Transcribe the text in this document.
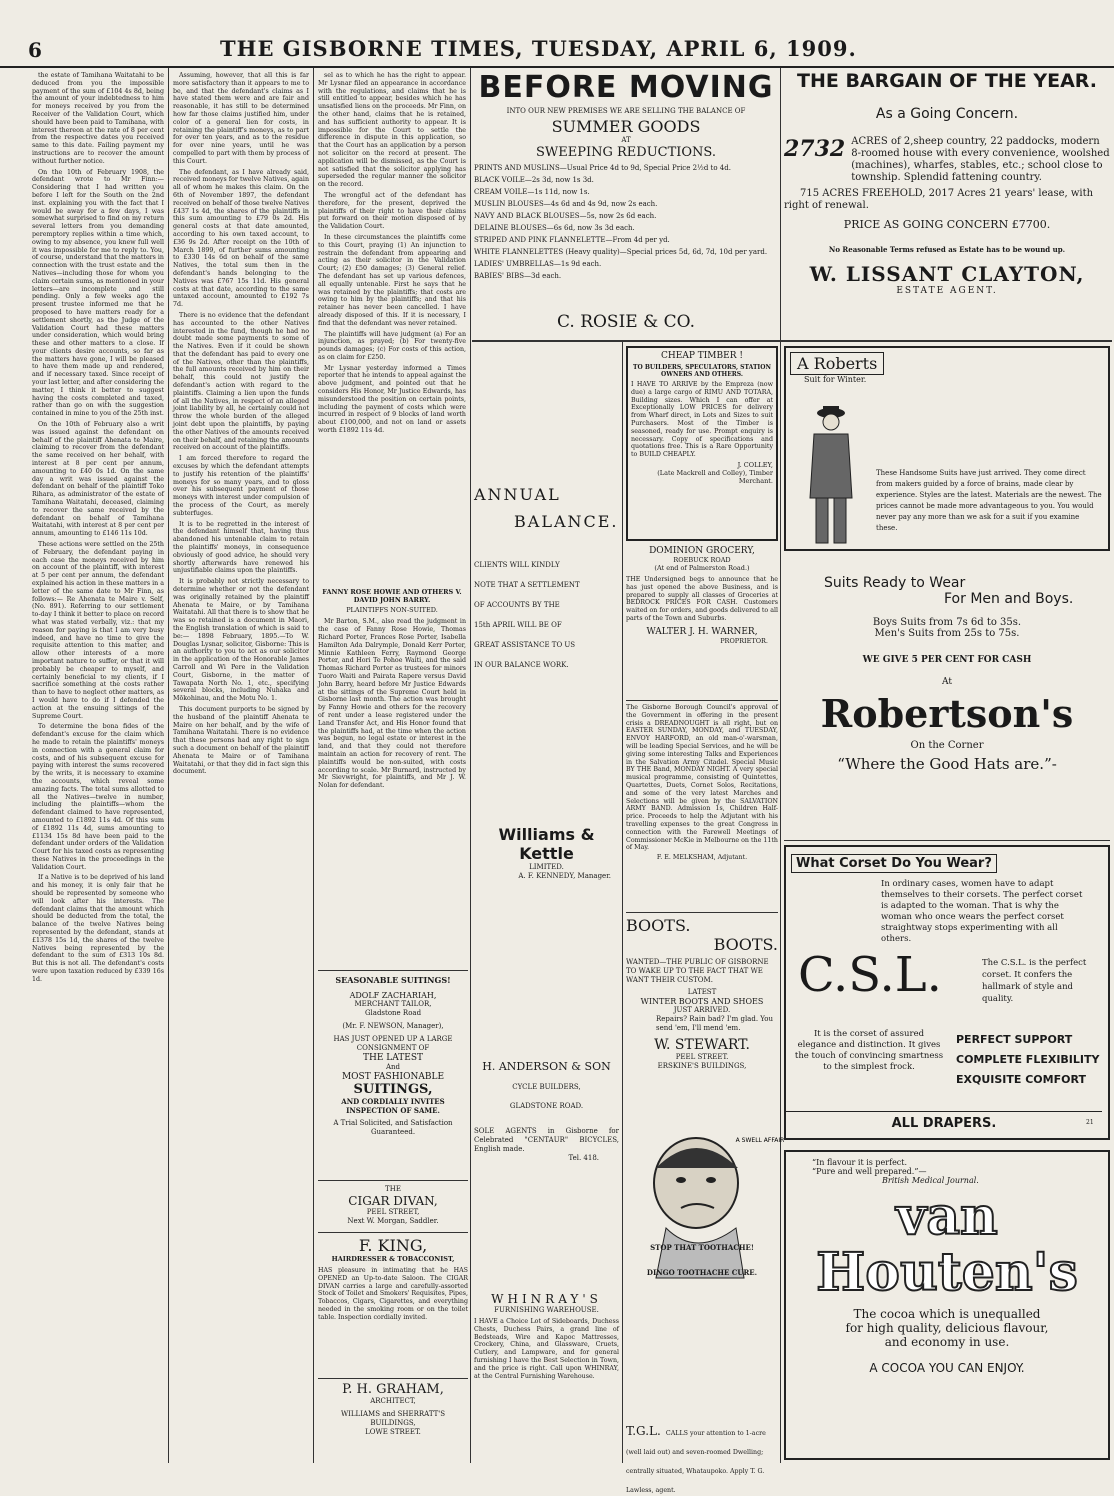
6	THE GISBORNE TIMES, TUESDAY, APRIL 6, 1909.

the estate of Tamihana Waitatahi to be deduced from you the impossible payment of the sum of £104 4s 8d, being the amount of your indebtedness to him for moneys received by you from the Receiver of the Validation Court, which should have been paid to Tamihana, with interest thereon at the rate of 8 per cent from the respective dates you received same to this date. Failing payment my instructions are to recover the amount without further notice.

On the 10th of February 1908, the defendant wrote to Mr Finn:— Considering that I had written you before I left for the South on the 2nd inst. explaining you with the fact that I would be away for a few days, I was somewhat surprised to find on my return several letters from you demanding peremptory replies within a time which, owing to my absence, you knew full well it was impossible for me to reply to. You, of course, understand that the matters in connection with the trust estate and the Natives—including those for whom you claim certain sums, as mentioned in your letters—are incomplete and still pending. Only a few weeks ago the present trustee informed me that he proposed to have matters ready for a settlement shortly, as the Judge of the Validation Court had these matters under consideration, which would bring these and other matters to a close. If your clients desire accounts, so far as the matters have gone, I will be pleased to have them made up and rendered, and if necessary taxed. Since receipt of your last letter, and after considering the matter, I think it better to suggest having the costs completed and taxed, rather than go on with the suggestion contained in mine to you of the 25th inst.

On the 10th of February also a writ was issued against the defendant on behalf of the plaintiff Ahenata te Maire, claiming to recover from the defendant the same received on her behalf, with interest at 8 per cent per annum, amounting to £40 0s 1d. On the same day a writ was issued against the defendant on behalf of the plaintiff Toko Rihara, as administrator of the estate of Tamihana Waitatahi, deceased, claiming to recover the same received by the defendant on behalf of Tamihana Waitatahi, with interest at 8 per cent per annum, amounting to £146 11s 10d.

These actions were settled on the 25th of February, the defendant paying in each case the moneys received by him on account of the plaintiff, with interest at 5 per cent per annum, the defendant explained his action in these matters in a letter of the same date to Mr Finn, as follows:— Re Ahenata te Maire v. Self, (No. 891). Referring to our settlement to-day I think it better to place on record what was stated verbally, viz.: that my reason for paying is that I am very busy indeed, and have no time to give the requisite attention to this matter, and allow other interests of a more important nature to suffer, or that it will probably be cheaper to myself, and certainly beneficial to my clients, if I sacrifice something at the costs rather than to have to neglect other matters, as I would have to do if I defended the action at the ensuing sittings of the Supreme Court.

To determine the bona fides of the defendant's excuse for the claim which he made to retain the plaintiffs' moneys in connection with a general claim for costs, and of his subsequent excuse for paying with interest the sums recovered by the writs, it is necessary to examine the accounts, which reveal some amazing facts. The total sums allotted to all the Natives—twelve in number, including the plaintiffs—whom the defendant claimed to have represented, amounted to £1892 11s 4d. Of this sum of £1892 11s 4d, sums amounting to £1134 15s 8d have been paid to the defendant under orders of the Validation Court for his taxed costs as representing these Natives in the proceedings in the Validation Court.

If a Native is to be deprived of his land and his money, it is only fair that he should be represented by someone who will look after his interests. The defendant claims that the amount which should be deducted from the total, the balance of the twelve Natives being represented by the defendant, stands at £1378 15s 1d, the shares of the twelve Natives being represented by the defendant to the sum of £313 10s 8d. But this is not all. The defendant's costs were upon taxation reduced by £339 16s 1d.

Assuming, however, that all this is far more satisfactory than it appears to me to be, and that the defendant's claims as I have stated them were and are fair and reasonable, it has still to be determined how far those claims justified him, under color of a general lien for costs, in retaining the plaintiff's moneys, as to part for over ten years, and as to the residue for over nine years, until he was compelled to part with them by process of this Court.

The defendant, as I have already said, received moneys for twelve Natives, again all of whom he makes this claim. On the 6th of November 1897, the defendant received on behalf of those twelve Natives £437 1s 4d, the shares of the plaintiffs in this sum amounting to £79 0s 2d. His general costs at that date amounted, according to his own taxed account, to £36 9s 2d. After receipt on the 10th of March 1899, of further sums amounting to £330 14s 6d on behalf of the same Natives, the total sum then in the defendant's hands belonging to the Natives was £767 15s 11d. His general costs at that date, according to the same untaxed account, amounted to £192 7s 7d.

There is no evidence that the defendant has accounted to the other Natives interested in the fund, though he had no doubt made some payments to some of the Natives. Even if it could be shown that the defendant has paid to every one of the Natives, other than the plaintiffs, the full amounts received by him on their behalf, this could not justify the defendant's action with regard to the plaintiffs. Claiming a lien upon the funds of all the Natives, in respect of an alleged joint liability by all, he certainly could not throw the whole burden of the alleged joint debt upon the plaintiffs, by paying the other Natives of the amounts received on their behalf, and retaining the amounts received on account of the plaintiffs.

I am forced therefore to regard the excuses by which the defendant attempts to justify his retention of the plaintiffs' moneys for so many years, and to gloss over his subsequent payment of those moneys with interest under compulsion of the process of the Court, as merely subterfuges.

It is to be regretted in the interest of the defendant himself that, having thus abandoned his untenable claim to retain the plaintiffs' moneys, in consequence obviously of good advice, he should very shortly afterwards have renewed his unjustifiable claims upon the plaintiffs.

It is probably not strictly necessary to determine whether or not the defendant was originally retained by the plaintiff Ahenata te Maire, or by Tamihana Waitatahi. All that there is to show that he was so retained is a document in Maori, the English translation of which is said to be:— 1898 February, 1895.—To W. Douglas Lysnar, solicitor, Gisborne: This is an authority to you to act as our solicitor in the application of the Honorable James Carroll and Wi Pere in the Validation Court, Gisborne, in the matter of Tawapata North No. 1, etc., specifying several blocks, including Nuhaka and Mōkohinau, and the Motu No. 1.

This document purports to be signed by the husband of the plaintiff Ahenata te Maire on her behalf, and by the wife of Tamihana Waitatahi. There is no evidence that these persons had any right to sign such a document on behalf of the plaintiff Ahenata te Maire or of Tamihana Waitatahi, or that they did in fact sign this document.

sel as to which he has the right to appear. Mr Lysnar filed an appearance in accordance with the regulations, and claims that he is still entitled to appear, besides which he has unsatisfied liens on the proceeds. Mr Finn, on the other hand, claims that he is retained, and has sufficient authority to appear. It is impossible for the Court to settle the difference in dispute in this application, so that the Court has an application by a person not solicitor on the record at present. The application will be dismissed, as the Court is not satisfied that the solicitor applying has superseded the regular manner the solicitor on the record.

The wrongful act of the defendant has therefore, for the present, deprived the plaintiffs of their right to have their claims put forward on their motion disposed of by the Validation Court.

In these circumstances the plaintiffs come to this Court, praying (1) An injunction to restrain the defendant from appearing and acting as their solicitor in the Validation Court; (2) £50 damages; (3) General relief. The defendant has set up various defences, all equally untenable. First he says that he was retained by the plaintiffs; that costs are owing to him by the plaintiffs; and that his retainer has never been cancelled. I have already disposed of this. If it is necessary, I find that the defendant was never retained.

The plaintiffs will have judgment (a) For an injunction, as prayed; (b) For twenty-five pounds damages; (c) For costs of this action, as on claim for £250.

Mr Lysnar yesterday informed a Times reporter that he intends to appeal against the above judgment, and pointed out that he considers His Honor, Mr Justice Edwards, has misunderstood the position on certain points, including the payment of costs which were incurred in respect of 9 blocks of land worth about £100,000, and not on land or assets worth £1892 11s 4d.

FANNY ROSE HOWIE AND OTHERS V. DAVID JOHN BARRY.
PLAINTIFFS NON-SUITED.

Mr Barton, S.M., also read the judgment in the case of Fanny Rose Howie, Thomas Richard Porter, Frances Rose Porter, Isabella Hamilton Ada Dalrymple, Donald Kerr Porter, Minnie Kathleen Ferry, Raymond George Porter, and Hori Te Pohoe Waiti, and the said Thomas Richard Porter as trustees for minors Tuoro Waiti and Pairata Rapere versus David John Barry, heard before Mr Justice Edwards at the sittings of the Supreme Court held in Gisborne last month. The action was brought by Fanny Howie and others for the recovery of rent under a lease registered under the Land Transfer Act, and His Honor found that the plaintiffs had, at the time when the action was begun, no legal estate or interest in the land, and that they could not therefore maintain an action for recovery of rent. The plaintiffs would be non-suited, with costs according to scale. Mr Burnard, instructed by Mr Sievwright, for plaintiffs, and Mr J. W. Nolan for defendant.

SEASONABLE SUITINGS!
ADOLF ZACHARIAH,
MERCHANT TAILOR,
Gladstone Road
(Mr. F. NEWSON, Manager),
HAS JUST OPENED UP A LARGE CONSIGNMENT OF
THE LATEST
And
MOST FASHIONABLE
SUITINGS,
AND CORDIALLY INVITES INSPECTION OF SAME.
A Trial Solicited, and Satisfaction Guaranteed.
THE
CIGAR DIVAN,
PEEL STREET,
Next W. Morgan, Saddler.
F. KING,
HAIRDRESSER & TOBACCONIST,
HAS pleasure in intimating that he HAS OPENED an Up-to-date Saloon. The CIGAR DIVAN carries a large and carefully-assorted Stock of Toilet and Smokers' Requisites, Pipes, Tobaccos, Cigars, Cigarettes, and everything needed in the smoking room or on the toilet table. Inspection cordially invited.
P. H. GRAHAM,
ARCHITECT,
WILLIAMS and SHERRATT'S BUILDINGS,
LOWE STREET.
BEFORE MOVING
INTO OUR NEW PREMISES WE ARE SELLING THE BALANCE OF
SUMMER GOODS
AT
SWEEPING REDUCTIONS.
PRINTS AND MUSLINS—Usual Price 4d to 9d, Special Price 2½d to 4d.
BLACK VOILE—2s 3d, now 1s 3d.
CREAM VOILE—1s 11d, now 1s.
MUSLIN BLOUSES—4s 6d and 4s 9d, now 2s each.
NAVY AND BLACK BLOUSES—5s, now 2s 6d each.
DELAINE BLOUSES—6s 6d, now 3s 3d each.
STRIPED AND PINK FLANNELETTE—From 4d per yd.
WHITE FLANNELETTES (Heavy quality)—Special prices 5d, 6d, 7d, 10d per yard.
LADIES' UMBRELLAS—1s 9d each.
BABIES' BIBS—3d each.
C. ROSIE & CO.
THE BARGAIN OF THE YEAR.
As a Going Concern.
2732 ACRES of 2,sheep country, 22 paddocks, modern 8-roomed house with every convenience, woolshed (machines), wharfes, stables, etc.; school close to township. Splendid fattening country.
715 ACRES FREEHOLD, 2017 Acres 21 years' lease, with right of renewal.
PRICE AS GOING CONCERN £7700.
No Reasonable Terms refused as Estate has to be wound up.
W. LISSANT CLAYTON,
ESTATE AGENT.
ANNUAL
BALANCE.
CLIENTS WILL KINDLY
NOTE THAT A SETTLEMENT
OF ACCOUNTS BY THE
15th APRIL WILL BE OF
GREAT ASSISTANCE TO US
IN OUR BALANCE WORK.
Williams & Kettle
LIMITED.
A. F. KENNEDY, Manager.
H. ANDERSON & SON
CYCLE BUILDERS,
GLADSTONE ROAD.
SOLE AGENTS in Gisborne for Celebrated "CENTAUR" BICYCLES, English made.
Tel. 418.
CHEAP TIMBER !
TO BUILDERS, SPECULATORS, STATION OWNERS AND OTHERS.
I HAVE TO ARRIVE by the Empreza (now due) a large cargo of RIMU AND TOTARA, Building sizes. Which I can offer at Exceptionally LOW PRICES for delivery from Wharf direct, in Lots and Sizes to suit Purchasers. Most of the Timber is seasoned, ready for use. Prompt enquiry is necessary. Copy of specifications and quotations free. This is a Rare Opportunity to BUILD CHEAPLY.
J. COLLEY,
(Late Mackrell and Colley), Timber Merchant.
DOMINION GROCERY,
ROEBUCK ROAD
(At end of Palmerston Road.)
THE Undersigned begs to announce that he has just opened the above Business, and is prepared to supply all classes of Groceries at BEDROCK PRICES FOR CASH. Customers waited on for orders, and goods delivered to all parts of the Town and Suburbs.
WALTER J. H. WARNER,
PROPRIETOR.
The Gisborne Borough Council's approval of the Government in offering in the present crisis a DREADNOUGHT is all right, but on EASTER SUNDAY, MONDAY, and TUESDAY, ENVOY HARFORD, an old man-o'-warsman, will be leading Special Services, and he will be giving some interesting Talks and Experiences in the Salvation Army Citadel. Special Music BY THE Band, MONDAY NIGHT. A very special musical programme, consisting of Quintettes, Quartettes, Duets, Cornet Solos, Recitations, and some of the very latest Marches and Selections will be given by the SALVATION ARMY BAND. Admission 1s, Children Half-price. Proceeds to help the Adjutant with his travelling expenses to the great Congress in connection with the Farewell Meetings of Commissioner McKie in Melbourne on the 11th of May.
F. E. MELKSHAM, Adjutant.
BOOTS.
BOOTS.
WANTED—THE PUBLIC OF GISBORNE TO WAKE UP TO THE FACT THAT WE WANT THEIR CUSTOM.
LATEST
WINTER BOOTS AND SHOES
JUST ARRIVED.
Repairs? Rain bad? I'm glad. You send 'em, I'll mend 'em.
W. STEWART.
PEEL STREET.
ERSKINE'S BUILDINGS,
A SWELL AFFAIR
STOP THAT TOOTHACHE!
DINGO TOOTHACHE CURE.
WHINRAY'S
FURNISHING WAREHOUSE.
I HAVE a Choice Lot of Sideboards, Duchess Chests, Duchess Pairs, a grand line of Bedsteads, Wire and Kapoc Mattresses, Crockery, China, and Glassware, Cruets, Cutlery, and Lampware, and for general furnishing I have the Best Selection in Town, and the price is right. Call upon WHINRAY, at the Central Furnishing Warehouse.
T.G.L. CALLS your attention to 1-acre (well laid out) and seven-roomed Dwelling; centrally situated, Whataupoko. Apply T. G. Lawless, agent.
A Roberts
Suit for Winter.
These Handsome Suits have just arrived. They come direct from makers guided by a force of brains, made clear by experience. Styles are the latest. Materials are the newest. The prices cannot be made more advantageous to you. You would never pay any more than we ask for a suit if you examine these.
Suits Ready to Wear
For Men and Boys.
Boys Suits from 7s 6d to 35s.
Men's Suits from 25s to 75s.
WE GIVE 5 PER CENT FOR CASH
At
Robertson's
On the Corner
“Where the Good Hats are.”-
What Corset Do You Wear?
In ordinary cases, women have to adapt themselves to their corsets. The perfect corset is adapted to the woman. That is why the woman who once wears the perfect corset straightway stops experimenting with all others.
C.S.L.	The C.S.L. is the perfect corset. It confers the hallmark of style and quality.
It is the corset of assured elegance and distinction. It gives the touch of convincing smartness to the simplest frock.
PERFECT SUPPORT
COMPLETE FLEXIBILITY
EXQUISITE COMFORT
ALL DRAPERS.	21
“In flavour it is perfect.
“Pure and well prepared.”—
British Medical Journal.
van
Houten's
The cocoa which is unequalled
for high quality, delicious flavour,
and economy in use.
A COCOA YOU CAN ENJOY.
